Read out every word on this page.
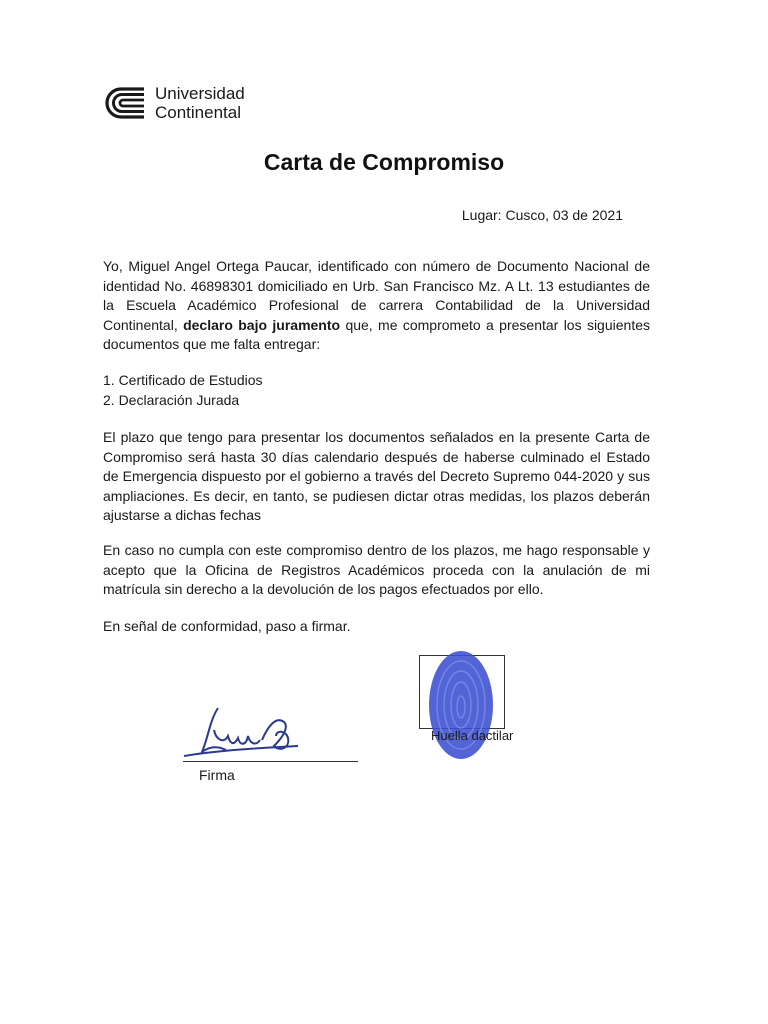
Universidad
Continental
Carta de Compromiso
Lugar: Cusco, 03 de 2021

Yo, Miguel Angel Ortega Paucar, identificado con número de Documento Nacional de identidad No. 46898301 domiciliado en Urb. San Francisco Mz. A Lt. 13 estudiantes de la Escuela Académico Profesional de carrera Contabilidad de la Universidad Continental, declaro bajo juramento que, me comprometo a presentar los siguientes documentos que me falta entregar:

1. Certificado de Estudios
2. Declaración Jurada

El plazo que tengo para presentar los documentos señalados en la presente Carta de Compromiso será hasta 30 días calendario después de haberse culminado el Estado de Emergencia dispuesto por el gobierno a través del Decreto Supremo 044-2020 y sus ampliaciones. Es decir, en tanto, se pudiesen dictar otras medidas, los plazos deberán ajustarse a dichas fechas

En caso no cumpla con este compromiso dentro de los plazos, me hago responsable y acepto que la Oficina de Registros Académicos proceda con la anulación de mi matrícula sin derecho a la devolución de los pagos efectuados por ello.

En señal de conformidad, paso a firmar.

Firma
Huella dactilar
